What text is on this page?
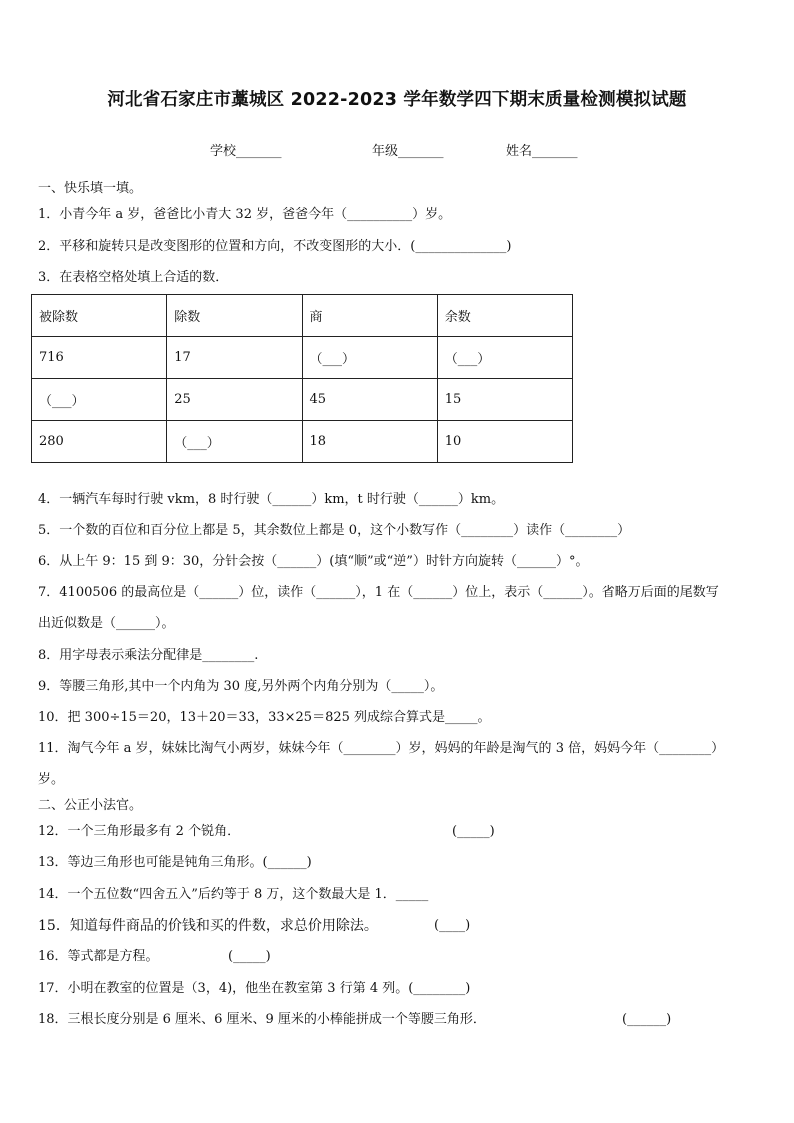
河北省石家庄市藁城区 2022-2023 学年数学四下期末质量检测模拟试题
学校_______	年级_______	姓名_______
一、快乐填一填。
1．小青今年 a 岁，爸爸比小青大 32 岁，爸爸今年（__________）岁。
2．平移和旋转只是改变图形的位置和方向，不改变图形的大小．(______________)
3．在表格空格处填上合适的数．
被除数	除数	商	余数
716	17	（___）	（___）
（___）	25	45	15
280	（___）	18	10
4．一辆汽车每时行驶 vkm，8 时行驶（______）km，t 时行驶（______）km。
5．一个数的百位和百分位上都是 5，其余数位上都是 0，这个小数写作（________）读作（________）
6．从上午 9：15 到 9：30，分针会按（______）(填“顺”或“逆”）时针方向旋转（______）°。
7．4100506 的最高位是（______）位，读作（______），1 在（______）位上，表示（______）。省略万后面的尾数写
出近似数是（______）。
8．用字母表示乘法分配律是________.
9．等腰三角形,其中一个内角为 30 度,另外两个内角分别为（_____）。
10．把 300÷15＝20，13＋20＝33，33×25＝825 列成综合算式是_____。
11．淘气今年 a 岁，妹妹比淘气小两岁，妹妹今年（________）岁，妈妈的年龄是淘气的 3 倍，妈妈今年（________）
岁。
二、公正小法官。
12．一个三角形最多有 2 个锐角．	(_____)
13．等边三角形也可能是钝角三角形。(______)
14．一个五位数“四舍五入”后约等于 8 万，这个数最大是 1．_____
15．知道每件商品的价钱和买的件数，求总价用除法。	(____)
16．等式都是方程。	(_____)
17．小明在教室的位置是（3，4)，他坐在教室第 3 行第 4 列。(________)
18．三根长度分别是 6 厘米、6 厘米、9 厘米的小棒能拼成一个等腰三角形．	(______)
